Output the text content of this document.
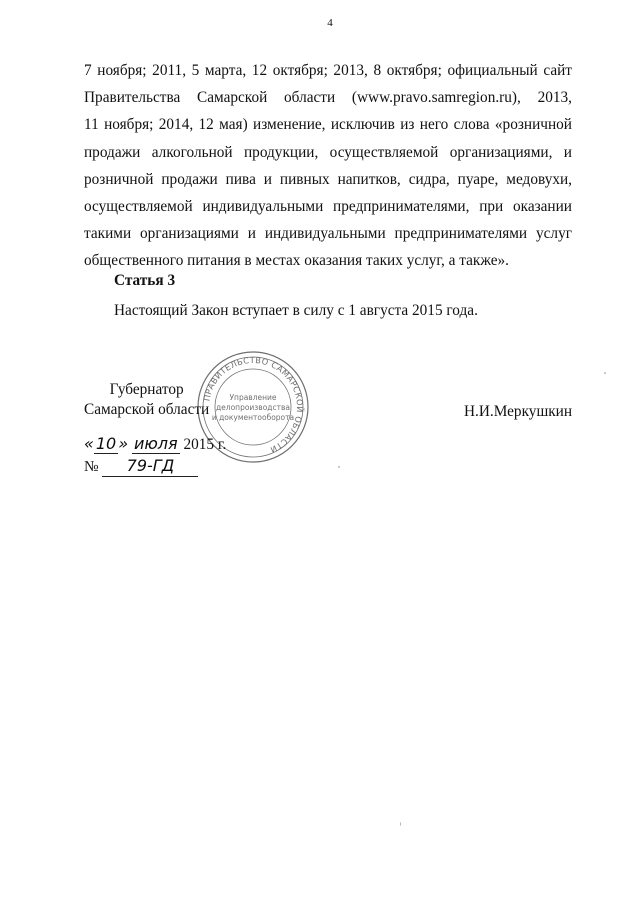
4
7 ноября; 2011, 5 марта, 12 октября; 2013, 8 октября; официальный сайт
Правительства Самарской области (www.pravo.samregion.ru), 2013,
11 ноября; 2014, 12 мая) изменение, исключив из него слова «розничной
продажи алкогольной продукции, осуществляемой организациями, и
розничной продажи пива и пивных напитков, сидра, пуаре, медовухи,
осуществляемой индивидуальными предпринимателями, при оказании
такими организациями и индивидуальными предпринимателями услуг
общественного питания в местах оказания таких услуг, а также».
Статья 3
Настоящий Закон вступает в силу с 1 августа 2015 года.
ПРАВИТЕЛЬСТВО САМАРСКОЙ ОБЛАСТИ
Управление
делопроизводства
и документооборота
Губернатор
Самарской области	Н.И.Меркушкин
« 10 » июля 2015 г.
№ 79-ГД
